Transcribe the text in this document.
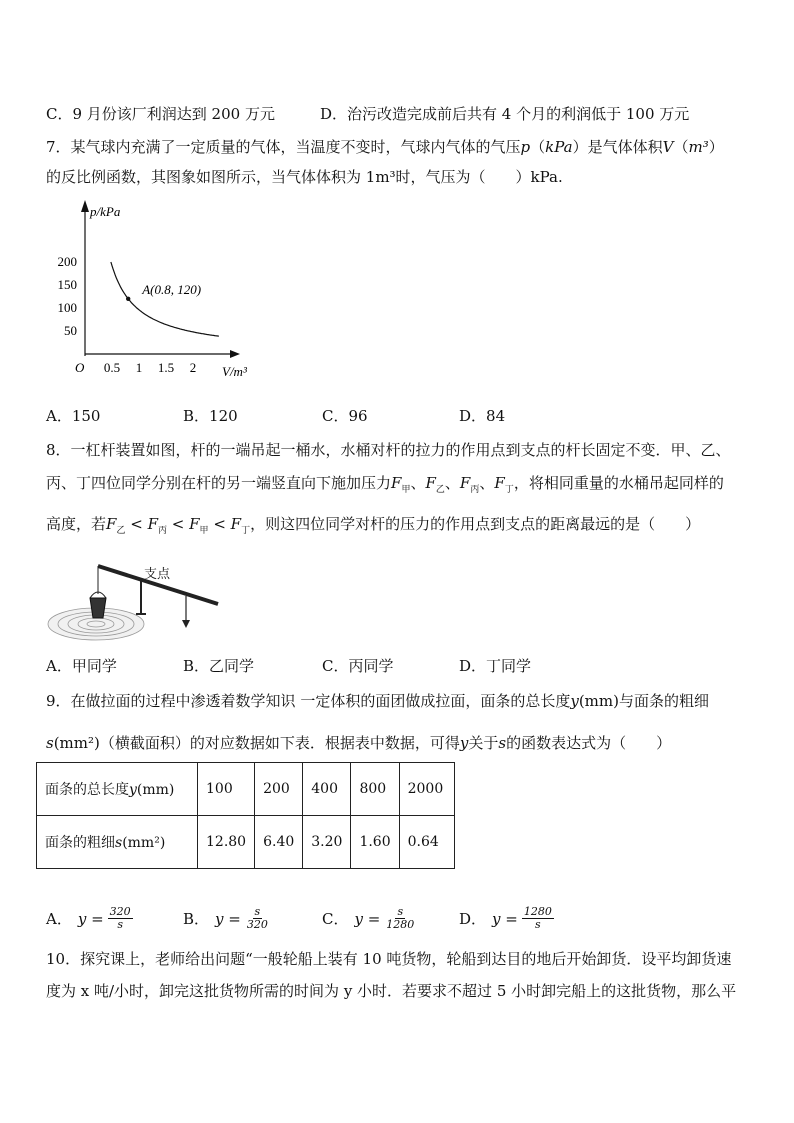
C．9 月份该厂利润达到 200 万元	D．治污改造完成前后共有 4 个月的利润低于 100 万元
7．某气球内充满了一定质量的气体，当温度不变时，气球内气体的气压p（kPa）是气体体积V（m³）
的反比例函数，其图象如图所示，当气体体积为 1m³时，气压为（　　）kPa.
p/kPa
V/m³
O
200
150
100
50
0.5 1 1.5 2
A(0.8, 120)
A．150	B．120	C．96	D．84
8．一杠杆装置如图，杆的一端吊起一桶水，水桶对杆的拉力的作用点到支点的杆长固定不变．甲、乙、
丙、丁四位同学分别在杆的另一端竖直向下施加压力$F_甲$、$F_乙$、$F_丙$、$F_丁$，将相同重量的水桶吊起同样的
高度，若$F_乙 < F_丙 < F_甲 < F_丁$，则这四位同学对杆的压力的作用点到支点的距离最远的是（　　）
支点
A．甲同学	B．乙同学	C．丙同学	D．丁同学
9．在做拉面的过程中渗透着数学知识 一定体积的面团做成拉面，面条的总长度y(mm)与面条的粗细
s(mm²)（横截面积）的对应数据如下表．根据表中数据，可得y关于s的函数表达式为（　　）
面条的总长度y(mm)	100	200	400	800	2000
面条的粗细s(mm²)	12.80	6.40	3.20	1.60	0.64
A． $y = \frac{320}{s}$	B． $y = \frac{s}{320}$	C． $y = \frac{s}{1280}$	D． $y = \frac{1280}{s}$
10．探究课上，老师给出问题“一般轮船上装有 10 吨货物，轮船到达目的地后开始卸货．设平均卸货速
度为 x 吨/小时，卸完这批货物所需的时间为 y 小时．若要求不超过 5 小时卸完船上的这批货物，那么平
